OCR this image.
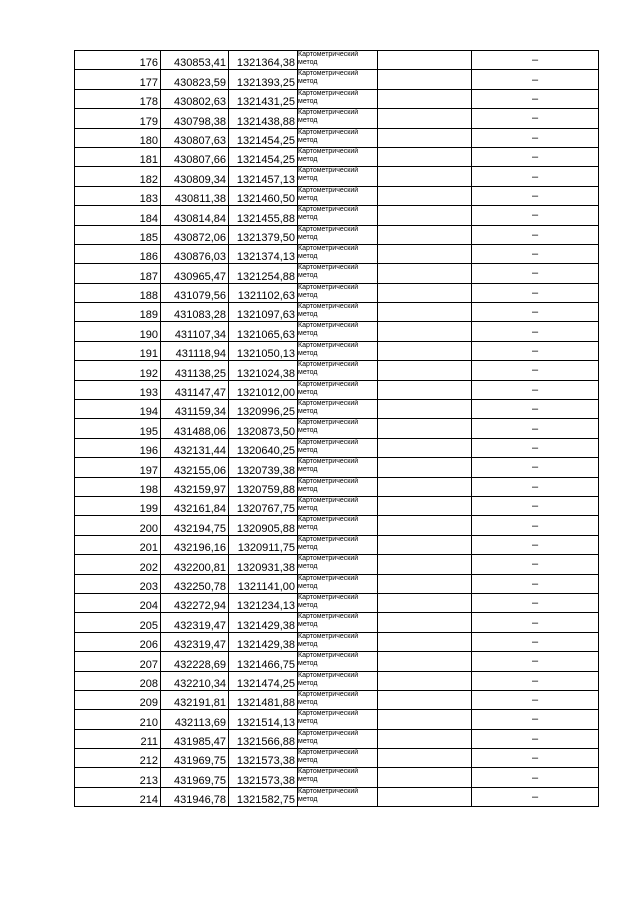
176	430853,41	1321364,38	Картометрический метод		–
177	430823,59	1321393,25	Картометрический метод		–
178	430802,63	1321431,25	Картометрический метод		–
179	430798,38	1321438,88	Картометрический метод		–
180	430807,63	1321454,25	Картометрический метод		–
181	430807,66	1321454,25	Картометрический метод		–
182	430809,34	1321457,13	Картометрический метод		–
183	430811,38	1321460,50	Картометрический метод		–
184	430814,84	1321455,88	Картометрический метод		–
185	430872,06	1321379,50	Картометрический метод		–
186	430876,03	1321374,13	Картометрический метод		–
187	430965,47	1321254,88	Картометрический метод		–
188	431079,56	1321102,63	Картометрический метод		–
189	431083,28	1321097,63	Картометрический метод		–
190	431107,34	1321065,63	Картометрический метод		–
191	431118,94	1321050,13	Картометрический метод		–
192	431138,25	1321024,38	Картометрический метод		–
193	431147,47	1321012,00	Картометрический метод		–
194	431159,34	1320996,25	Картометрический метод		–
195	431488,06	1320873,50	Картометрический метод		–
196	432131,44	1320640,25	Картометрический метод		–
197	432155,06	1320739,38	Картометрический метод		–
198	432159,97	1320759,88	Картометрический метод		–
199	432161,84	1320767,75	Картометрический метод		–
200	432194,75	1320905,88	Картометрический метод		–
201	432196,16	1320911,75	Картометрический метод		–
202	432200,81	1320931,38	Картометрический метод		–
203	432250,78	1321141,00	Картометрический метод		–
204	432272,94	1321234,13	Картометрический метод		–
205	432319,47	1321429,38	Картометрический метод		–
206	432319,47	1321429,38	Картометрический метод		–
207	432228,69	1321466,75	Картометрический метод		–
208	432210,34	1321474,25	Картометрический метод		–
209	432191,81	1321481,88	Картометрический метод		–
210	432113,69	1321514,13	Картометрический метод		–
211	431985,47	1321566,88	Картометрический метод		–
212	431969,75	1321573,38	Картометрический метод		–
213	431969,75	1321573,38	Картометрический метод		–
214	431946,78	1321582,75	Картометрический метод		–
